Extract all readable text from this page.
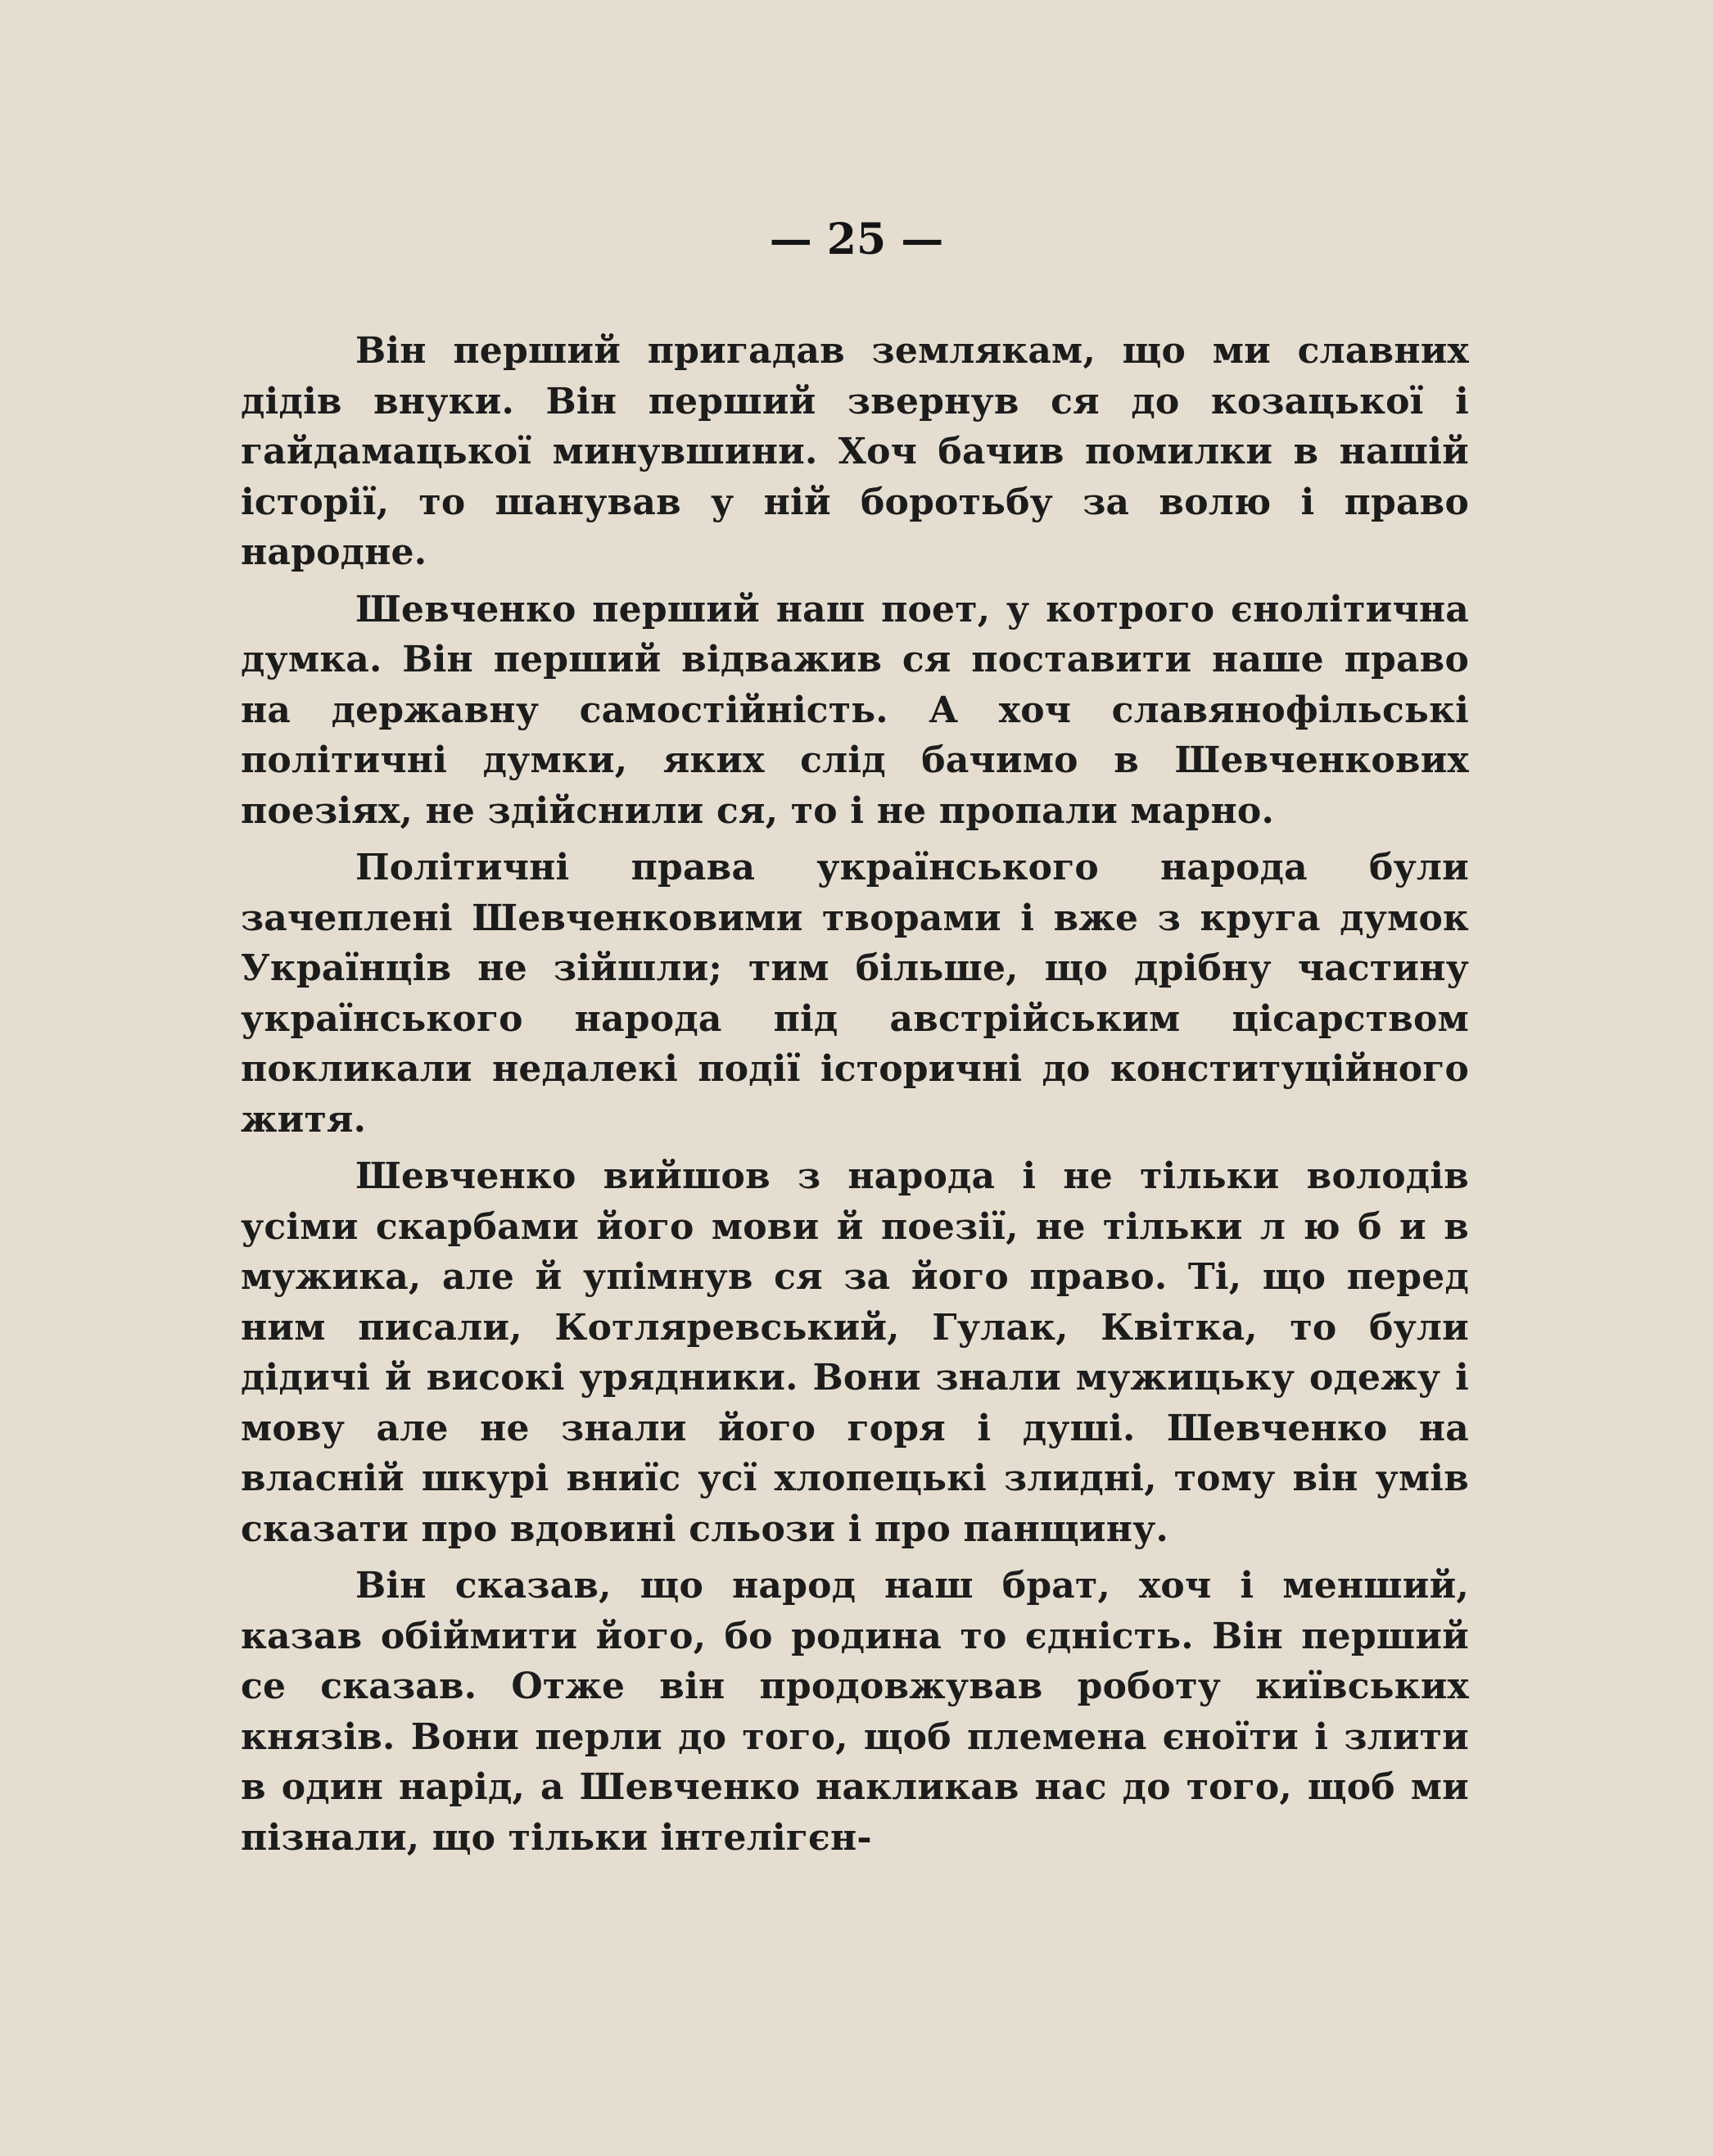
— 25 —

Він перший пригадав землякам, що ми славних дідів внуки. Він перший звернув ся до козацької і гайдамацької минувшини. Хоч бачив помилки в нашій історії, то шанував у ній боротьбу за волю і право народне.

Шевченко перший наш поет, у котрого єнолітична думка. Він перший відважив ся поставити наше право на державну самостійність. А хоч славянофільські політичні думки, яких слід бачимо в Шевченкових поезіях, не здійснили ся, то і не пропали марно.

Політичні права українського народа були зачеплені Шевченковими творами і вже з круга думок Українців не зійшли; тим більше, що дрібну частину українського народа під австрійським цісарством покликали недалекі події історичні до конституційного житя.

Шевченко вийшов з народа і не тільки володів усіми скарбами його мови й поезії, не тільки л ю б и в мужика, але й упімнув ся за його право. Ті, що перед ним писали, Котляревський, Гулак, Квітка, то були дідичі й високі урядники. Вони знали мужицьку одежу і мову але не знали його горя і душі. Шевченко на власній шкурі вниїс усї хлопецькі злидні, тому він умів сказати про вдовині сльози і про панщину.

Він сказав, що народ наш брат, хоч і менший, казав обіймити його, бо родина то єдність. Він перший се сказав. Отже він продовжував роботу київських князів. Вони перли до того, щоб племена єноїти і злити в один нарід, а Шевченко накликав нас до того, щоб ми пізнали, що тільки інтелігєн-
